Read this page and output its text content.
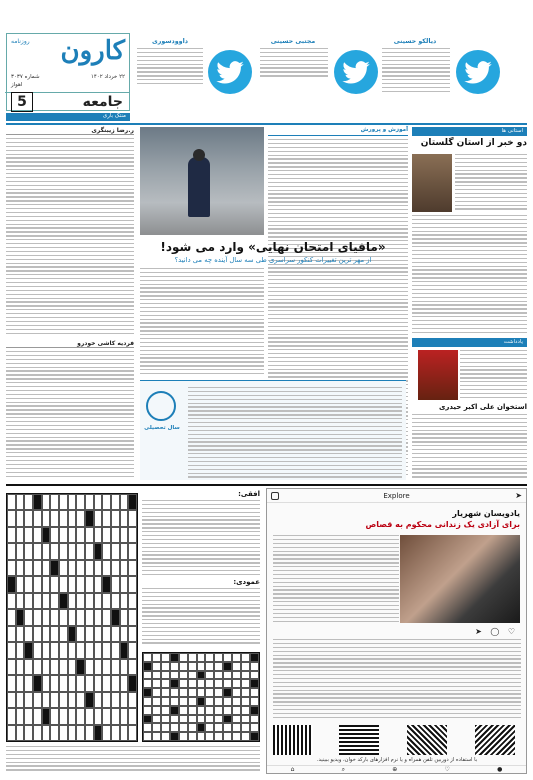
کارون
روزنامه
۲۲ خرداد ۱۴۰۲
شماره ۳۰۳۷
اهواز
جامعه
5
منتک باری
دیالکو حسینی
مجتبی حسینی
داوودسوری
استانی ها
دو خبر از استان گلستان
یادداشت
استخوان علی اکبر حیدری
آموزش و پرورش
«مافیای امتحان نهایی» وارد می شود!
از مهر ترین تغییرات کنکور سراسری طی سه سال آینده چه می دانید؟
سال تحصیلی
ر.رضا زیبنگری
فردیه کاشی خودرو
Explore	➤
یادویسان شهریار
برای آزادی یک زندانی محکوم به قصاص
♡ ◯ ➤
با استفاده از دوربین تلفن همراه و یا نرم افزارهای بارکد خوان، ویدیو ببینید.
⌂	⌕	⊕	♡	●
افقی:
عمودی:
